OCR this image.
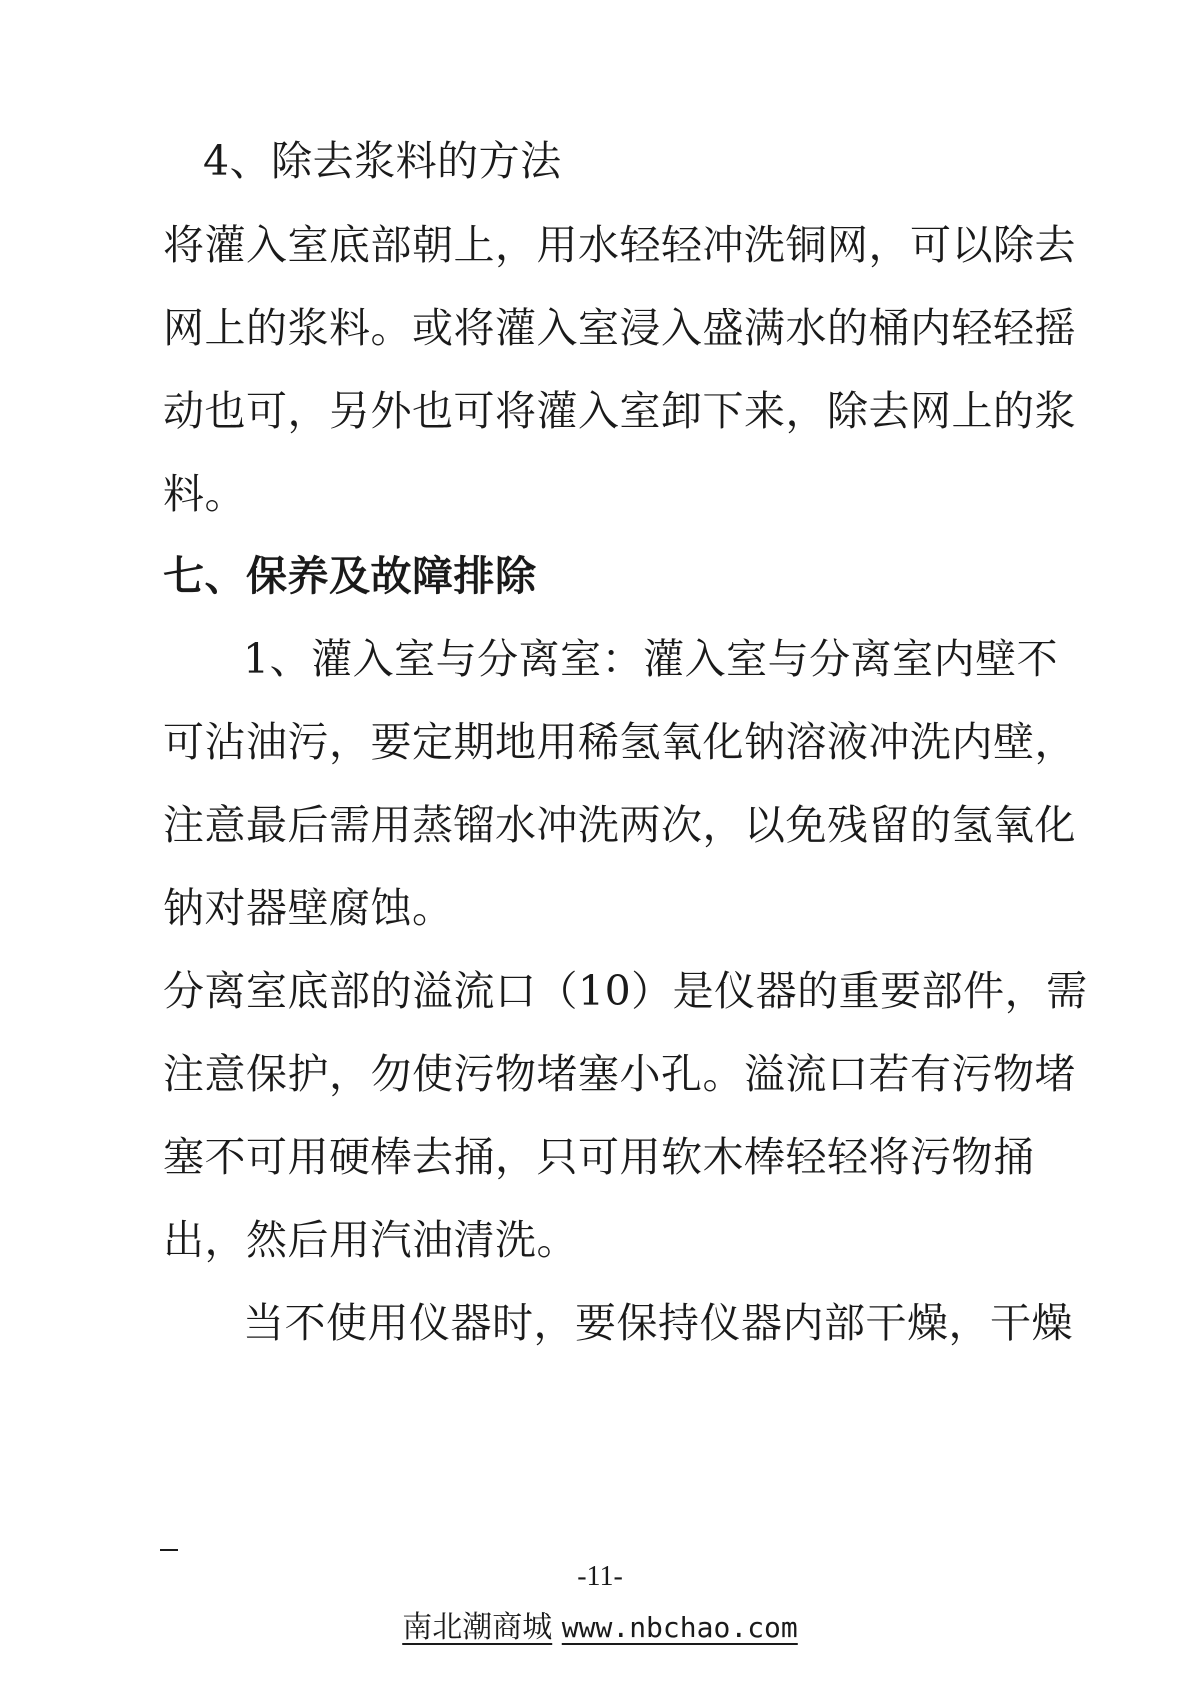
4、除去浆料的方法
将灌入室底部朝上，用水轻轻冲洗铜网，可以除去
网上的浆料。或将灌入室浸入盛满水的桶内轻轻摇
动也可，另外也可将灌入室卸下来，除去网上的浆
料。
七、保养及故障排除
1、灌入室与分离室：灌入室与分离室内壁不
可沾油污，要定期地用稀氢氧化钠溶液冲洗内壁，
注意最后需用蒸镏水冲洗两次，以免残留的氢氧化
钠对器壁腐蚀。
分离室底部的溢流口（10）是仪器的重要部件，需
注意保护，勿使污物堵塞小孔。溢流口若有污物堵
塞不可用硬棒去捅，只可用软木棒轻轻将污物捅
出，然后用汽油清洗。
当不使用仪器时，要保持仪器内部干燥，干燥
-11-
南北潮商城 www.nbchao.com
